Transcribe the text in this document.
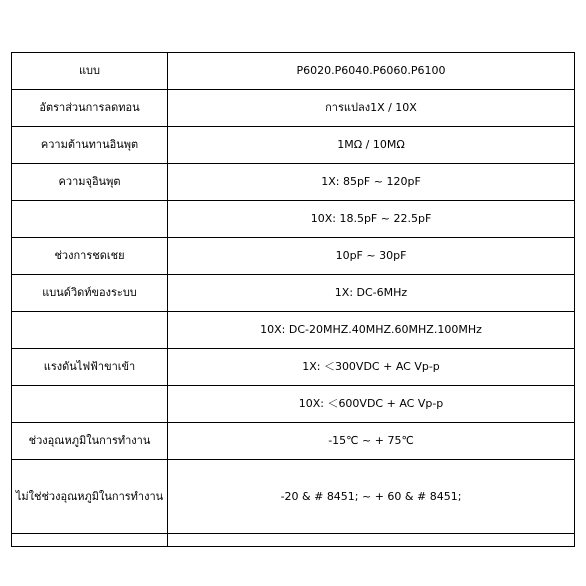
แบบ	P6020.P6040.P6060.P6100
อัตราส่วนการลดทอน	การแปลง1X / 10X
ความต้านทานอินพุต	1MΩ / 10MΩ
ความจุอินพุต	1X: 85pF ~ 120pF
	10X: 18.5pF ~ 22.5pF
ช่วงการชดเชย	10pF ~ 30pF
แบนด์วิดท์ของระบบ	1X: DC-6MHz
	10X: DC-20MHZ.40MHZ.60MHZ.100MHz
แรงดันไฟฟ้าขาเข้า	1X: ＜300VDC + AC Vp-p
	10X: ＜600VDC + AC Vp-p
ช่วงอุณหภูมิในการทำงาน	-15℃ ~ + 75℃
ไม่ใช่ช่วงอุณหภูมิในการทำงาน	-20 & # 8451; ~ + 60 & # 8451;
